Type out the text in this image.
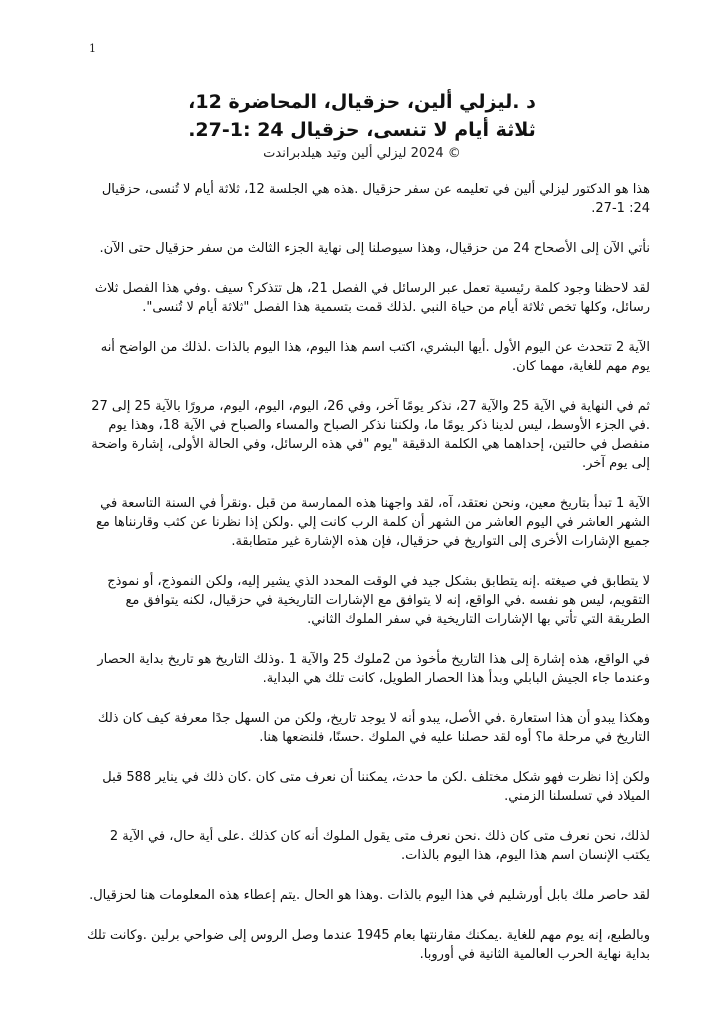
1

د .ليزلي ألين، حزقيال، المحاضرة 12،

ثلاثة أيام لا تنسى، حزقيال 24 :1-27.

© 2024 ليزلي ألين وتيد هيلدبراندت

هذا هو الدكتور ليزلي ألين في تعليمه عن سفر حزقيال .هذه هي الجلسة 12، ثلاثة أيام لا تُنسى، حزقيال 24: 1-27.

نأتي الآن إلى الأصحاح 24 من حزقيال، وهذا سيوصلنا إلى نهاية الجزء الثالث من سفر حزقيال حتى الآن.

لقد لاحظنا وجود كلمة رئيسية تعمل عبر الرسائل في الفصل 21، هل تتذكر؟ سيف .وفي هذا الفصل ثلاث رسائل، وكلها تخص ثلاثة أيام من حياة النبي .لذلك قمت بتسمية هذا الفصل "ثلاثة أيام لا تُنسى".

الآية 2 تتحدث عن اليوم الأول .أيها البشري، اكتب اسم هذا اليوم، هذا اليوم بالذات .لذلك من الواضح أنه يوم مهم للغاية، مهما كان.

ثم في النهاية في الآية 25 والآية 27، نذكر يومًا آخر، وفي 26، اليوم، اليوم، اليوم، مرورًا بالآية 25 إلى 27 .في الجزء الأوسط، ليس لدينا ذكر يومًا ما، ولكننا نذكر الصباح والمساء والصباح في الآية 18، وهذا يوم منفصل في حالتين، إحداهما هي الكلمة الدقيقة "يوم "في هذه الرسائل، وفي الحالة الأولى، إشارة واضحة إلى يوم آخر.

الآية 1 تبدأ بتاريخ معين، ونحن نعتقد، آه، لقد واجهنا هذه الممارسة من قبل .ونقرأ في السنة التاسعة في الشهر العاشر في اليوم العاشر من الشهر أن كلمة الرب كانت إلي .ولكن إذا نظرنا عن كثب وقارنناها مع جميع الإشارات الأخرى إلى التواريخ في حزقيال، فإن هذه الإشارة غير متطابقة.

لا يتطابق في صيغته .إنه يتطابق بشكل جيد في الوقت المحدد الذي يشير إليه، ولكن النموذج، أو نموذج التقويم، ليس هو نفسه .في الواقع، إنه لا يتوافق مع الإشارات التاريخية في حزقيال، لكنه يتوافق مع الطريقة التي تأتي بها الإشارات التاريخية في سفر الملوك الثاني.

في الواقع، هذه إشارة إلى هذا التاريخ مأخوذ من 2ملوك 25 والآية 1 .وذلك التاريخ هو تاريخ بداية الحصار وعندما جاء الجيش البابلي وبدأ هذا الحصار الطويل، كانت تلك هي البداية.

وهكذا يبدو أن هذا استعارة .في الأصل، يبدو أنه لا يوجد تاريخ، ولكن من السهل جدًا معرفة كيف كان ذلك التاريخ في مرحلة ما؟ أوه لقد حصلنا عليه في الملوك .حسنًا، فلنضعها هنا.

ولكن إذا نظرت فهو شكل مختلف .لكن ما حدث، يمكننا أن نعرف متى كان .كان ذلك في يناير 588 قبل الميلاد في تسلسلنا الزمني.

لذلك، نحن نعرف متى كان ذلك .نحن نعرف متى يقول الملوك أنه كان كذلك .على أية حال، في الآية 2 يكتب الإنسان اسم هذا اليوم، هذا اليوم بالذات.

لقد حاصر ملك بابل أورشليم في هذا اليوم بالذات .وهذا هو الحال .يتم إعطاء هذه المعلومات هنا لحزقيال.

وبالطبع، إنه يوم مهم للغاية .يمكنك مقارنتها بعام 1945 عندما وصل الروس إلى ضواحي برلين .وكانت تلك بداية نهاية الحرب العالمية الثانية في أوروبا.
